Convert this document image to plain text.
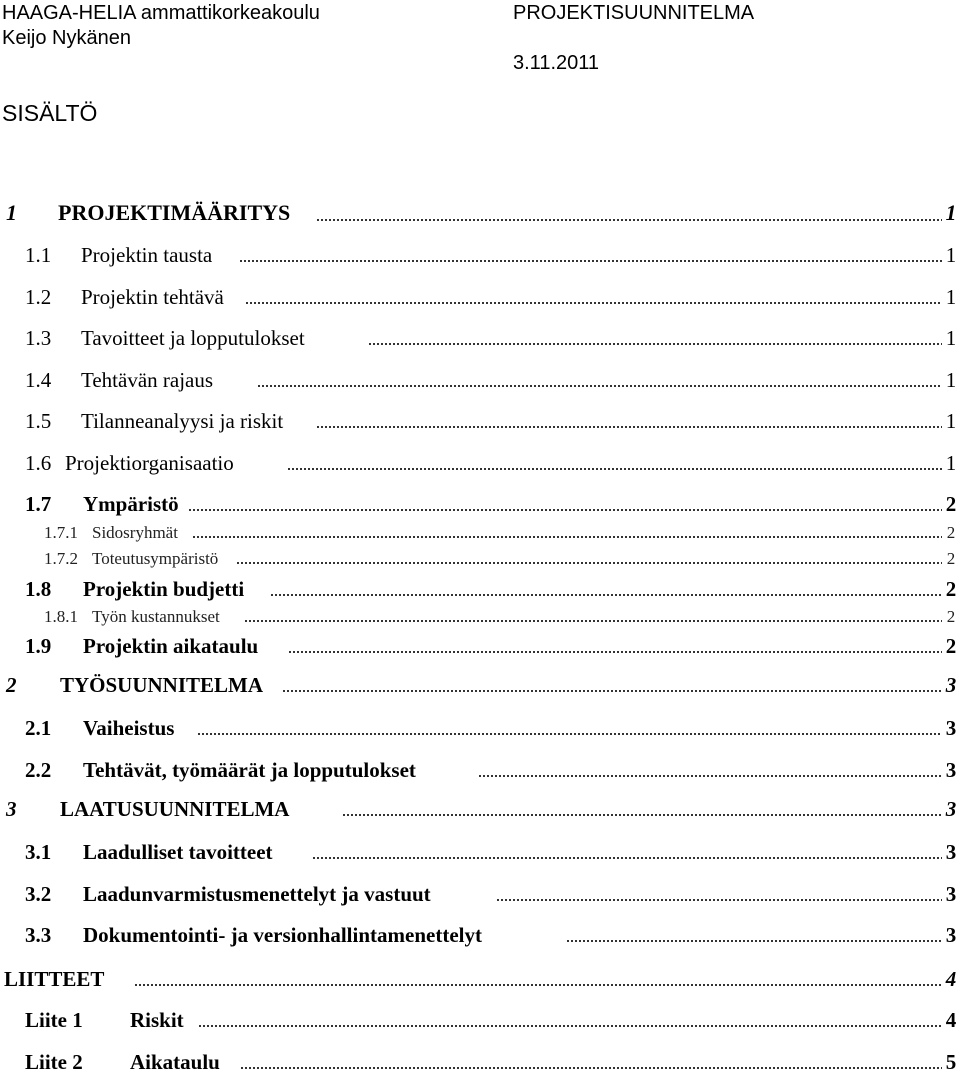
HAAGA-HELIA ammattikorkeakoulu	PROJEKTISUUNNITELMA
Keijo Nykänen
3.11.2011
SISÄLTÖ
1 PROJEKTIMÄÄRITYS	1
1.1 Projektin tausta	1
1.2 Projektin tehtävä	1
1.3 Tavoitteet ja lopputulokset	1
1.4 Tehtävän rajaus	1
1.5 Tilanneanalyysi ja riskit	1
1.6 Projektiorganisaatio	1
1.7 Ympäristö	2
1.7.1 Sidosryhmät	2
1.7.2 Toteutusympäristö	2
1.8 Projektin budjetti	2
1.8.1 Työn kustannukset	2
1.9 Projektin aikataulu	2
2 TYÖSUUNNITELMA	3
2.1 Vaiheistus	3
2.2 Tehtävät, työmäärät ja lopputulokset	3
3 LAATUSUUNNITELMA	3
3.1 Laadulliset tavoitteet	3
3.2 Laadunvarmistusmenettelyt ja vastuut	3
3.3 Dokumentointi- ja versionhallintamenettelyt	3
LIITTEET	4
Liite 1 Riskit	4
Liite 2 Aikataulu	5
